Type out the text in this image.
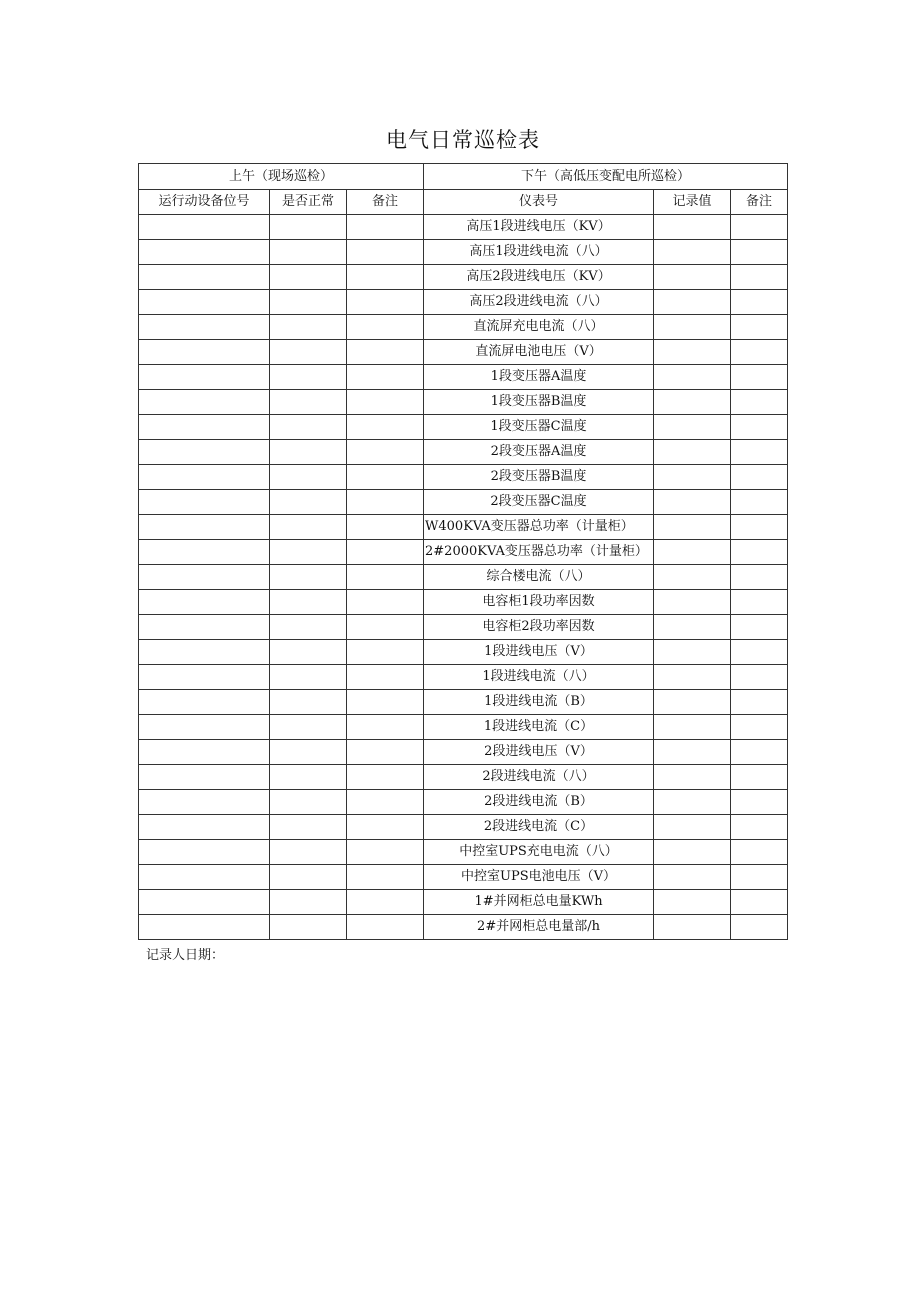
电气日常巡检表
上午（现场巡检）			下午（高低压变配电所巡检）		
运行动设备位号	是否正常	备注	仪表号	记录值	备注
			高压1段进线电压（KV）		
			高压1段进线电流（八）		
			高压2段进线电压（KV）		
			高压2段进线电流（八）		
			直流屏充电电流（八）		
			直流屏电池电压（V）		
			1段变压器A温度		
			1段变压器B温度		
			1段变压器C温度		
			2段变压器A温度		
			2段变压器B温度		
			2段变压器C温度		
			W400KVA变压器总功率（计量柜）		
			2#2000KVA变压器总功率（计量柜）		
			综合楼电流（八）		
			电容柜1段功率因数		
			电容柜2段功率因数		
			1段进线电压（V）		
			1段进线电流（八）		
			1段进线电流（B）		
			1段进线电流（C）		
			2段进线电压（V）		
			2段进线电流（八）		
			2段进线电流（B）		
			2段进线电流（C）		
			中控室UPS充电电流（八）		
			中控室UPS电池电压（V）		
			1#并网柜总电量KWh		
			2#并网柜总电量部/h		
记录人日期：
